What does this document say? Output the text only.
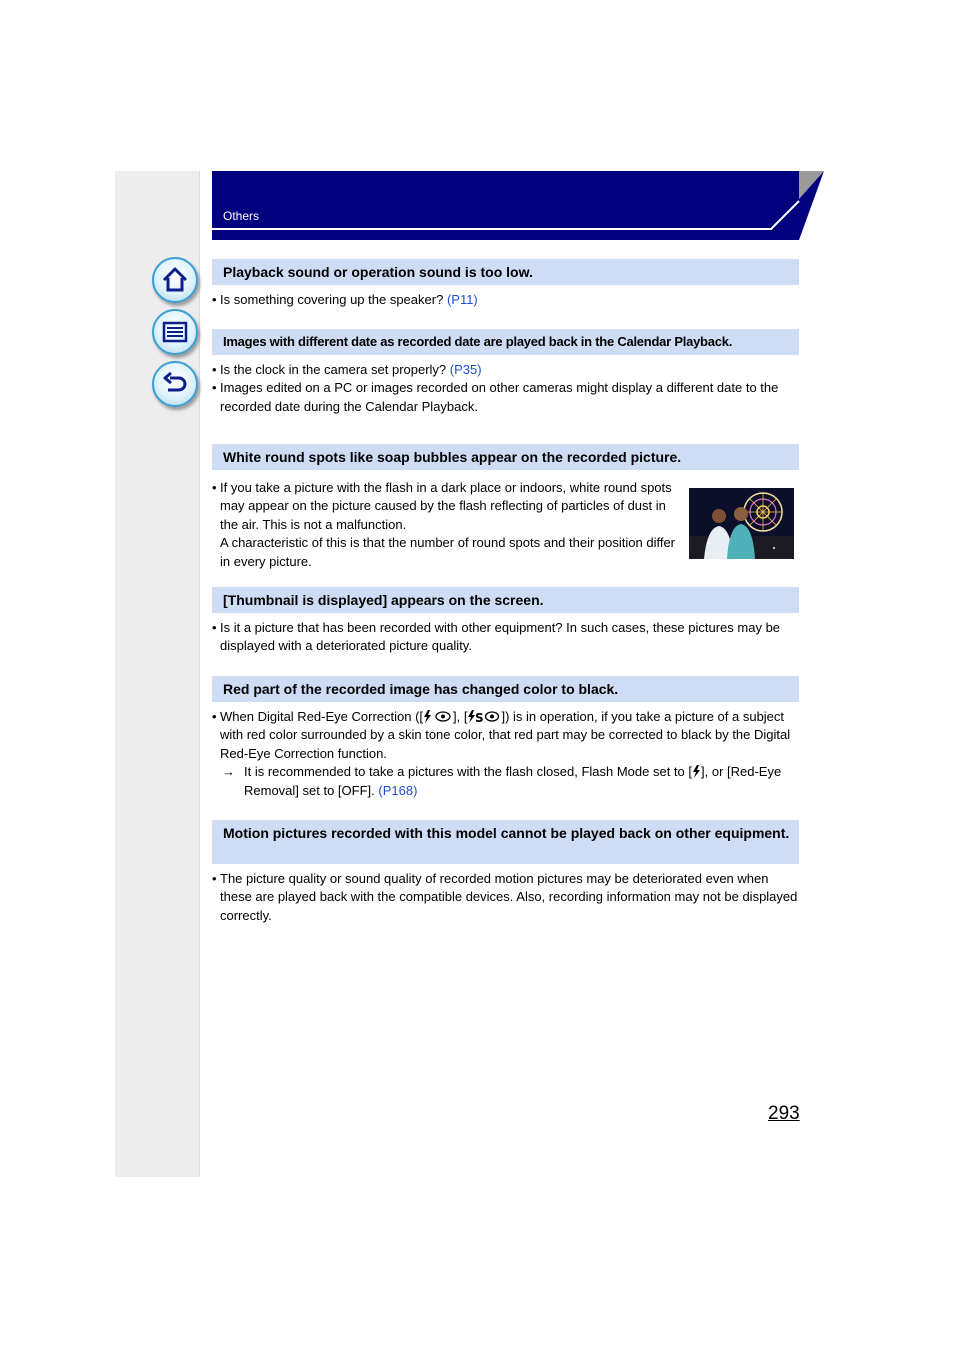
Others
Playback sound or operation sound is too low.
• Is something covering up the speaker? (P11)
Images with different date as recorded date are played back in the Calendar Playback.
• Is the clock in the camera set properly? (P35)
• Images edited on a PC or images recorded on other cameras might display a different date to the recorded date during the Calendar Playback.
White round spots like soap bubbles appear on the recorded picture.
• If you take a picture with the flash in a dark place or indoors, white round spots may appear on the picture caused by the flash reflecting of particles of dust in the air. This is not a malfunction.
A characteristic of this is that the number of round spots and their position differ in every picture.
[Thumbnail is displayed] appears on the screen.
• Is it a picture that has been recorded with other equipment? In such cases, these pictures may be displayed with a deteriorated picture quality.
Red part of the recorded image has changed color to black.
• When Digital Red-Eye Correction ([ ], [ S ]) is in operation, if you take a picture of a subject with red color surrounded by a skin tone color, that red part may be corrected to black by the Digital Red-Eye Correction function.
→ It is recommended to take a pictures with the flash closed, Flash Mode set to [ ], or [Red-Eye Removal] set to [OFF]. (P168)
Motion pictures recorded with this model cannot be played back on other equipment.
• The picture quality or sound quality of recorded motion pictures may be deteriorated even when these are played back with the compatible devices. Also, recording information may not be displayed correctly.
293
